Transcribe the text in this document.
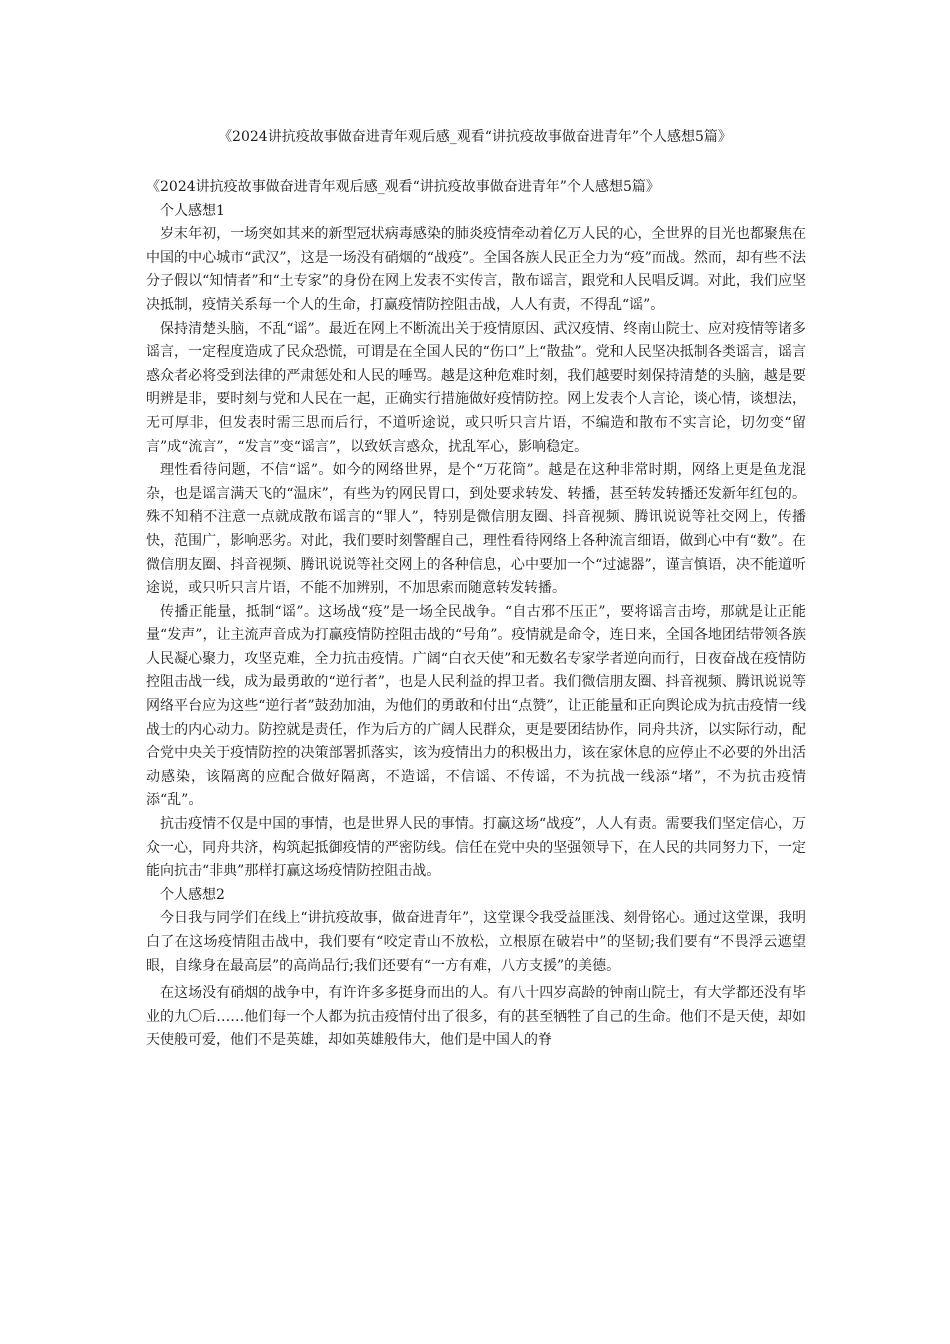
《2024讲抗疫故事做奋进青年观后感_观看“讲抗疫故事做奋进青年”个人感想5篇》

《2024讲抗疫故事做奋进青年观后感_观看“讲抗疫故事做奋进青年”个人感想5篇》

个人感想1

岁末年初，一场突如其来的新型冠状病毒感染的肺炎疫情牵动着亿万人民的心，全世界的目光也都聚焦在中国的中心城市“武汉”，这是一场没有硝烟的“战疫”。全国各族人民正全力为“疫”而战。然而，却有些不法分子假以“知情者”和“土专家”的身份在网上发表不实传言，散布谣言，跟党和人民唱反调。对此，我们应坚决抵制，疫情关系每一个人的生命，打赢疫情防控阻击战，人人有责，不得乱“谣”。

保持清楚头脑，不乱“谣”。最近在网上不断流出关于疫情原因、武汉疫情、终南山院士、应对疫情等诸多谣言，一定程度造成了民众恐慌，可谓是在全国人民的“伤口”上“散盐”。党和人民坚决抵制各类谣言，谣言惑众者必将受到法律的严肃惩处和人民的唾骂。越是这种危难时刻，我们越要时刻保持清楚的头脑，越是要明辨是非，要时刻与党和人民在一起，正确实行措施做好疫情防控。网上发表个人言论，谈心情，谈想法，无可厚非，但发表时需三思而后行，不道听途说，或只听只言片语，不编造和散布不实言论，切勿变“留言”成“流言”，“发言”变“谣言”，以致妖言惑众，扰乱军心，影响稳定。

理性看待问题，不信“谣”。如今的网络世界，是个“万花筒”。越是在这种非常时期，网络上更是鱼龙混杂，也是谣言满天飞的“温床”，有些为钓网民胃口，到处要求转发、转播，甚至转发转播还发新年红包的。殊不知稍不注意一点就成散布谣言的“罪人”，特别是微信朋友圈、抖音视频、腾讯说说等社交网上，传播快，范围广，影响恶劣。对此，我们要时刻警醒自己，理性看待网络上各种流言细语，做到心中有“数”。在微信朋友圈、抖音视频、腾讯说说等社交网上的各种信息，心中要加一个“过滤器”，谨言慎语，决不能道听途说，或只听只言片语，不能不加辨别，不加思索而随意转发转播。

传播正能量，抵制“谣”。这场战“疫”是一场全民战争。“自古邪不压正”，要将谣言击垮，那就是让正能量“发声”，让主流声音成为打赢疫情防控阻击战的“号角”。疫情就是命令，连日来，全国各地团结带领各族人民凝心聚力，攻坚克难，全力抗击疫情。广阔“白衣天使”和无数名专家学者逆向而行，日夜奋战在疫情防控阻击战一线，成为最勇敢的“逆行者”，也是人民利益的捍卫者。我们微信朋友圈、抖音视频、腾讯说说等网络平台应为这些“逆行者”鼓劲加油，为他们的勇敢和付出“点赞”，让正能量和正向舆论成为抗击疫情一线战士的内心动力。防控就是责任，作为后方的广阔人民群众，更是要团结协作，同舟共济，以实际行动，配合党中央关于疫情防控的决策部署抓落实，该为疫情出力的积极出力，该在家休息的应停止不必要的外出活动感染，该隔离的应配合做好隔离，不造谣，不信谣、不传谣，不为抗战一线添“堵”，不为抗击疫情添“乱”。

抗击疫情不仅是中国的事情，也是世界人民的事情。打赢这场“战疫”，人人有责。需要我们坚定信心，万众一心，同舟共济，构筑起抵御疫情的严密防线。信任在党中央的坚强领导下，在人民的共同努力下，一定能向抗击“非典”那样打赢这场疫情防控阻击战。

个人感想2

今日我与同学们在线上“讲抗疫故事，做奋进青年”，这堂课令我受益匪浅、刻骨铭心。通过这堂课，我明白了在这场疫情阻击战中，我们要有“咬定青山不放松，立根原在破岩中”的坚韧;我们要有“不畏浮云遮望眼，自缘身在最高层”的高尚品行;我们还要有“一方有难，八方支援”的美德。

在这场没有硝烟的战争中，有许许多多挺身而出的人。有八十四岁高龄的钟南山院士，有大学都还没有毕业的九〇后……他们每一个人都为抗击疫情付出了很多，有的甚至牺牲了自己的生命。他们不是天使，却如天使般可爱，他们不是英雄，却如英雄般伟大，他们是中国人的脊
